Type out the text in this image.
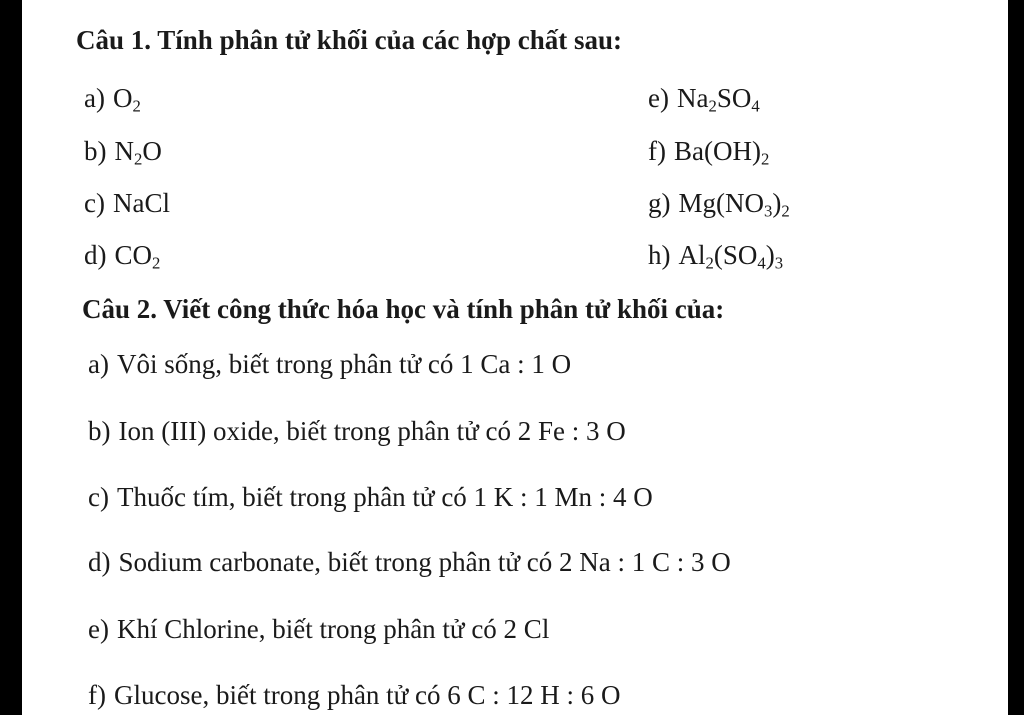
Câu 1. Tính phân tử khối của các hợp chất sau:
a) $O_2$
b) $N_2O$
c) NaCl
d) $CO_2$
e) $Na_2SO_4$
f) $Ba(OH)_2$
g) $Mg(NO_3)_2$
h) $Al_2(SO_4)_3$
Câu 2. Viết công thức hóa học và tính phân tử khối của:
a) Vôi sống, biết trong phân tử có 1 Ca : 1 O
b) Ion (III) oxide, biết trong phân tử có 2 Fe : 3 O
c) Thuốc tím, biết trong phân tử có 1 K : 1 Mn : 4 O
d) Sodium carbonate, biết trong phân tử có 2 Na : 1 C : 3 O
e) Khí Chlorine, biết trong phân tử có 2 Cl
f) Glucose, biết trong phân tử có 6 C : 12 H : 6 O
